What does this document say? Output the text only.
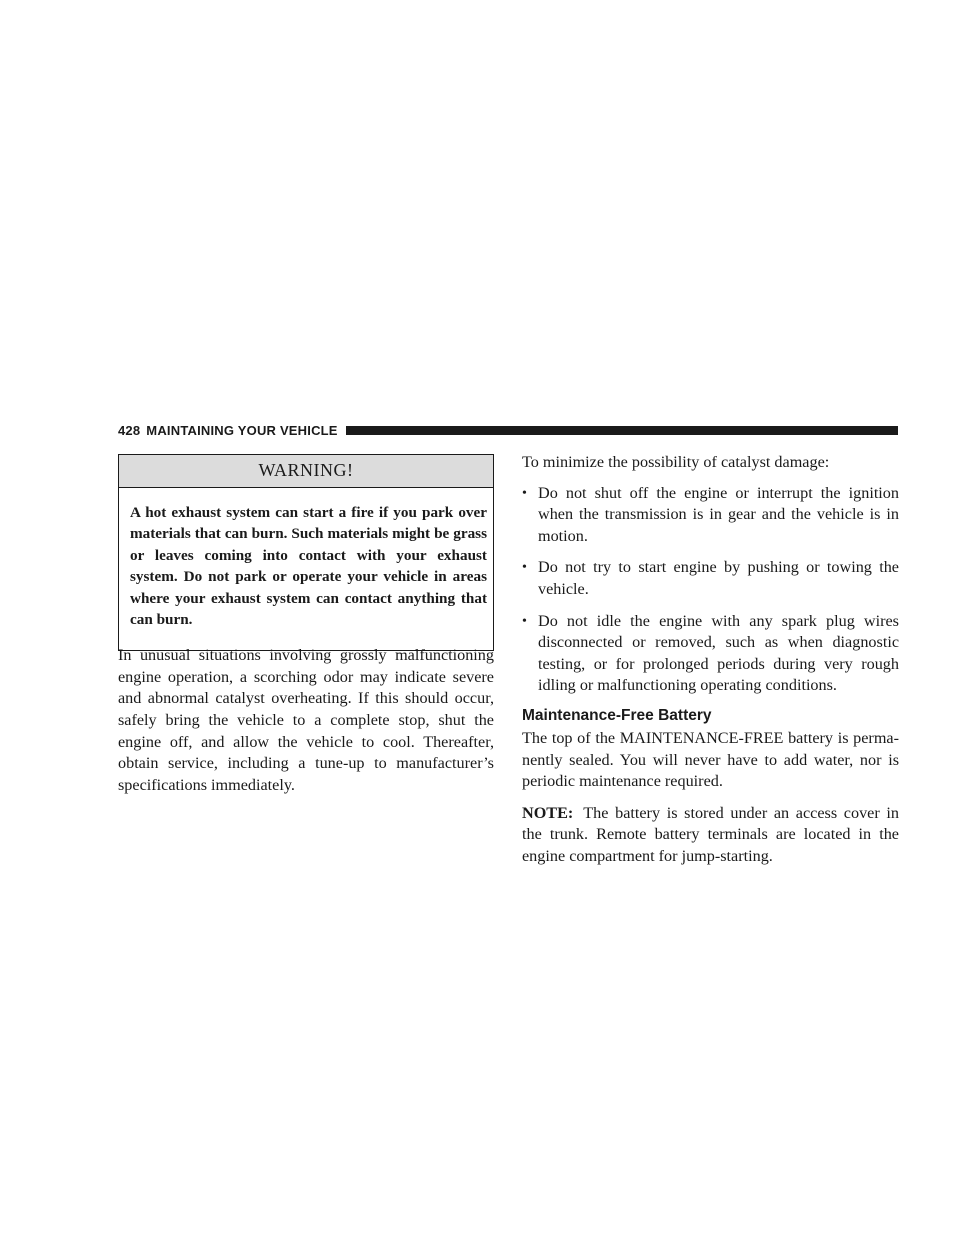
428 MAINTAINING YOUR VEHICLE
WARNING!
A hot exhaust system can start a fire if you park over materials that can burn. Such materials might be grass or leaves coming into contact with your exhaust system. Do not park or operate your vehicle in areas where your exhaust system can contact anything that can burn.

In unusual situations involving grossly malfunctioning engine operation, a scorching odor may indicate severe and abnormal catalyst overheating. If this should occur, safely bring the vehicle to a complete stop, shut the engine off, and allow the vehicle to cool. Thereafter, obtain service, including a tune-up to manufacturer’s specifications immediately.

To minimize the possibility of catalyst damage:

• Do not shut off the engine or interrupt the ignition when the transmission is in gear and the vehicle is in motion.
• Do not try to start engine by pushing or towing the vehicle.
• Do not idle the engine with any spark plug wires disconnected or removed, such as when diagnostic testing, or for prolonged periods during very rough idling or malfunctioning operating conditions.
Maintenance-Free Battery

The top of the MAINTENANCE-FREE battery is perma- nently sealed. You will never have to add water, nor is periodic maintenance required.

NOTE: The battery is stored under an access cover in the trunk. Remote battery terminals are located in the engine compartment for jump-starting.
